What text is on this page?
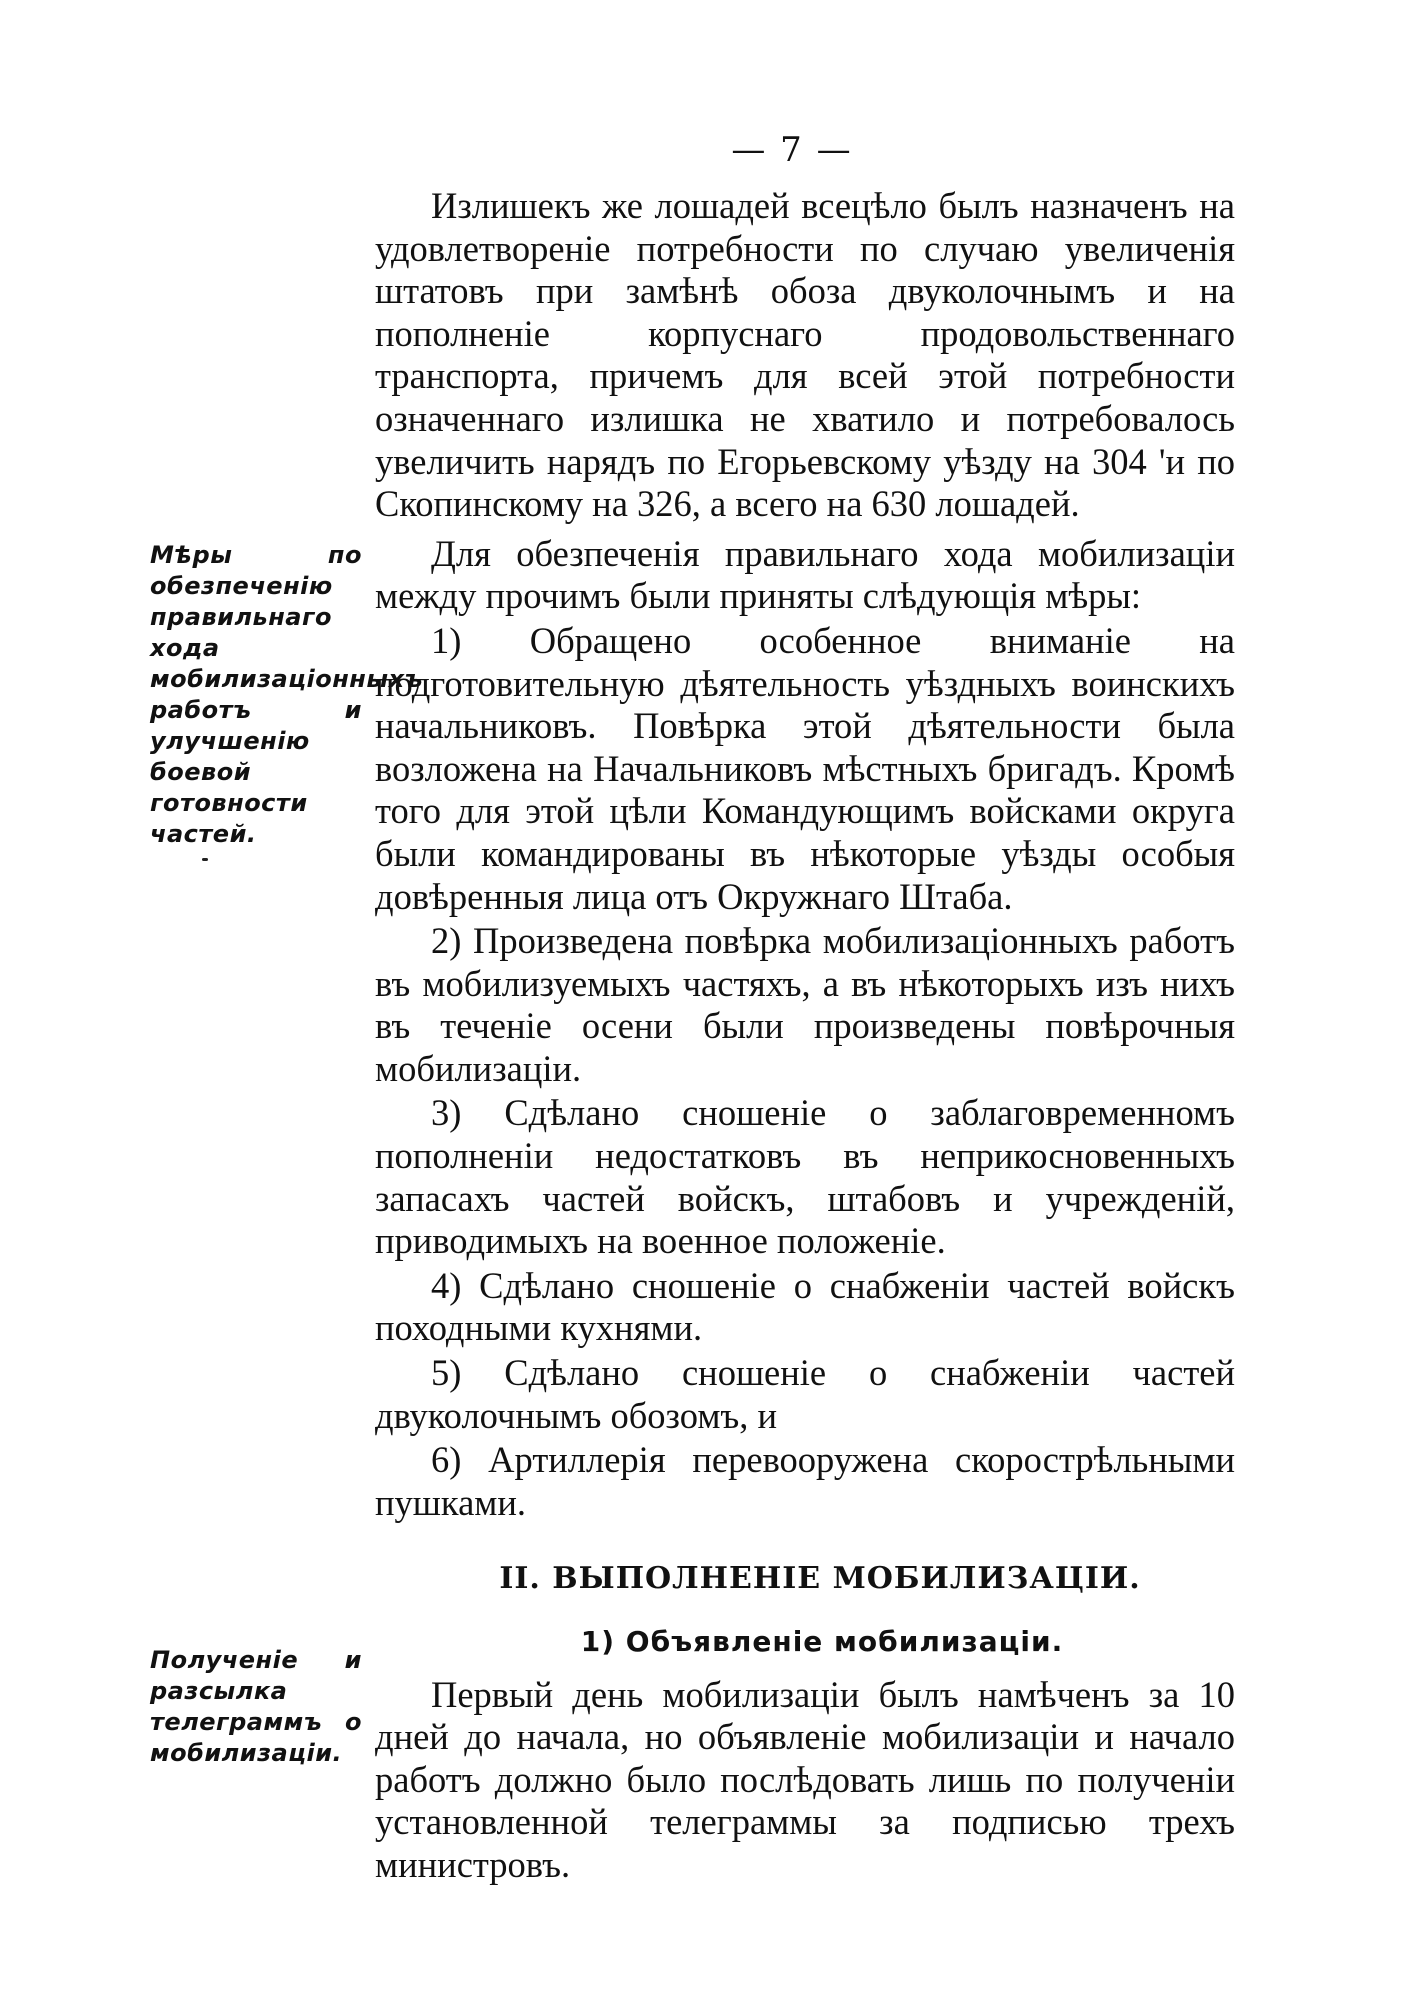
— 7 —
Мѣры по обезпеченію правильнаго хода мобилизаціонныхъ работъ и улучшенію боевой готовности частей.
Полученіе и разсылка телеграммъ о мобилизаціи.

Излишекъ же лошадей всецѣло былъ назначенъ на удовлетвореніе потребности по случаю увеличенія штатовъ при замѣнѣ обоза двуколочнымъ и на пополненіе корпуснаго продовольственнаго транспорта, причемъ для всей этой потребности означеннаго излишка не хватило и потребовалось увеличить нарядъ по Егорьевскому уѣзду на 304 'и по Скопинскому на 326, а всего на 630 лошадей.

Для обезпеченія правильнаго хода мобилизаціи между прочимъ были приняты слѣдующія мѣры:

1) Обращено особенное вниманіе на подготовительную дѣятельность уѣздныхъ воинскихъ начальниковъ. Повѣрка этой дѣятельности была возложена на Начальниковъ мѣстныхъ бригадъ. Кромѣ того для этой цѣли Командующимъ войсками округа были командированы въ нѣкоторые уѣзды особыя довѣренныя лица отъ Окружнаго Штаба.

2) Произведена повѣрка мобилизаціонныхъ работъ въ мобилизуемыхъ частяхъ, а въ нѣкоторыхъ изъ нихъ въ теченіе осени были произведены повѣрочныя мобилизаціи.

3) Сдѣлано сношеніе о заблаговременномъ пополненіи недостатковъ въ неприкосновенныхъ запасахъ частей войскъ, штабовъ и учрежденій, приводимыхъ на военное положеніе.

4) Сдѣлано сношеніе о снабженіи частей войскъ походными кухнями.

5) Сдѣлано сношеніе о снабженіи частей двуколочнымъ обозомъ, и

6) Артиллерія перевооружена скорострѣльными пушками.

II. ВЫПОЛНЕНІЕ МОБИЛИЗАЦІИ.
1) Объявленіе мобилизаціи.

Первый день мобилизаціи былъ намѣченъ за 10 дней до начала, но объявленіе мобилизаціи и начало работъ должно было послѣдовать лишь по полученіи установленной телеграммы за подписью трехъ министровъ.
